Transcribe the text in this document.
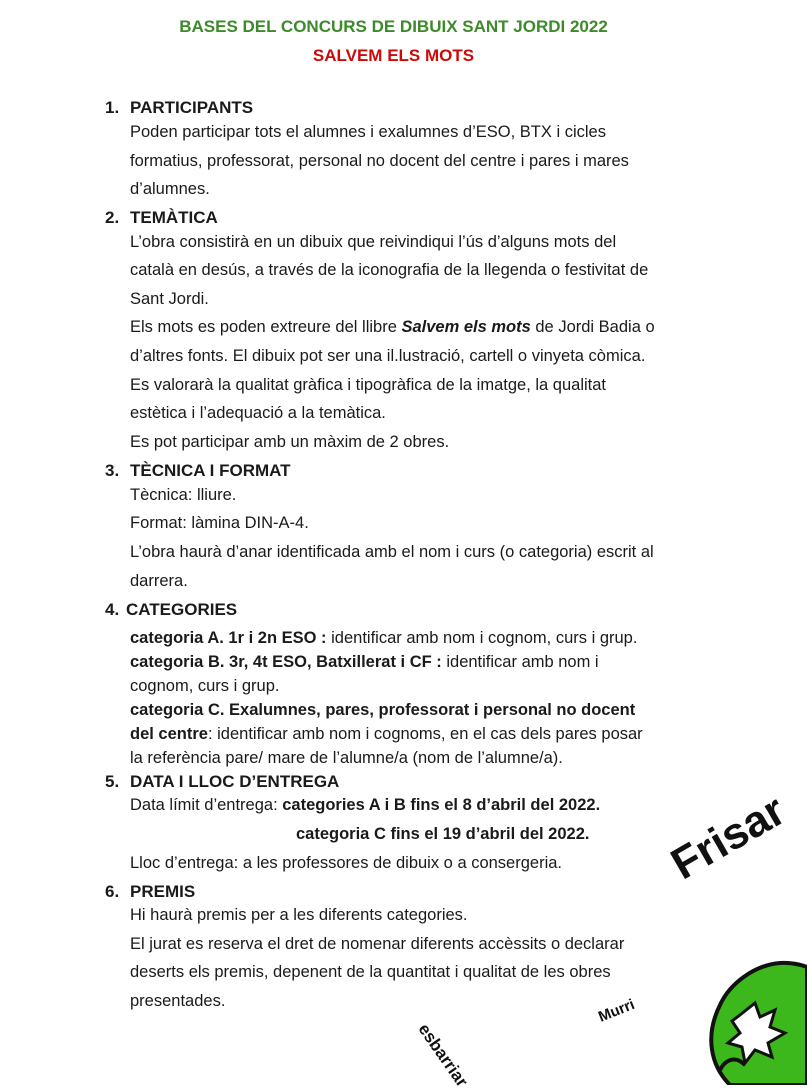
BASES DEL CONCURS DE DIBUIX SANT JORDI 2022
SALVEM ELS MOTS
1. PARTICIPANTS
Poden participar tots el alumnes i exalumnes d’ESO, BTX i cicles
formatius, professorat, personal no docent del centre i pares i mares
d’alumnes.
2. TEMÀTICA
L’obra consistirà en un dibuix que reivindiqui l’ús d’alguns mots del
català en desús, a través de la iconografia de la llegenda o festivitat de
Sant Jordi.
Els mots es poden extreure del llibre Salvem els mots de Jordi Badia o
d’altres fonts. El dibuix pot ser una il.lustració, cartell o vinyeta còmica.
Es valorarà la qualitat gràfica i tipogràfica de la imatge, la qualitat
estètica i l’adequació a la temàtica.
Es pot participar amb un màxim de 2 obres.
3. TÈCNICA I FORMAT
Tècnica: lliure.
Format: làmina DIN-A-4.
L’obra haurà d’anar identificada amb el nom i curs (o categoria) escrit al
darrera.
4. CATEGORIES
categoria A. 1r i 2n ESO : identificar amb nom i cognom, curs i grup.
categoria B. 3r, 4t ESO, Batxillerat i CF : identificar amb nom i
cognom, curs i grup.
categoria C. Exalumnes, pares, professorat i personal no docent
del centre: identificar amb nom i cognoms, en el cas dels pares posar
la referència pare/ mare de l’alumne/a (nom de l’alumne/a).
5. DATA I LLOC D’ENTREGA
Data límit d’entrega: categories A i B fins el 8 d’abril del 2022.
categoria C fins el 19 d’abril del 2022.
Lloc d’entrega: a les professores de dibuix o a consergeria.
6. PREMIS
Hi haurà premis per a les diferents categories.
El jurat es reserva el dret de nomenar diferents accèssits o declarar
deserts els premis, depenent de la quantitat i qualitat de les obres
presentades.
Frisar
esbarriar
Murri
